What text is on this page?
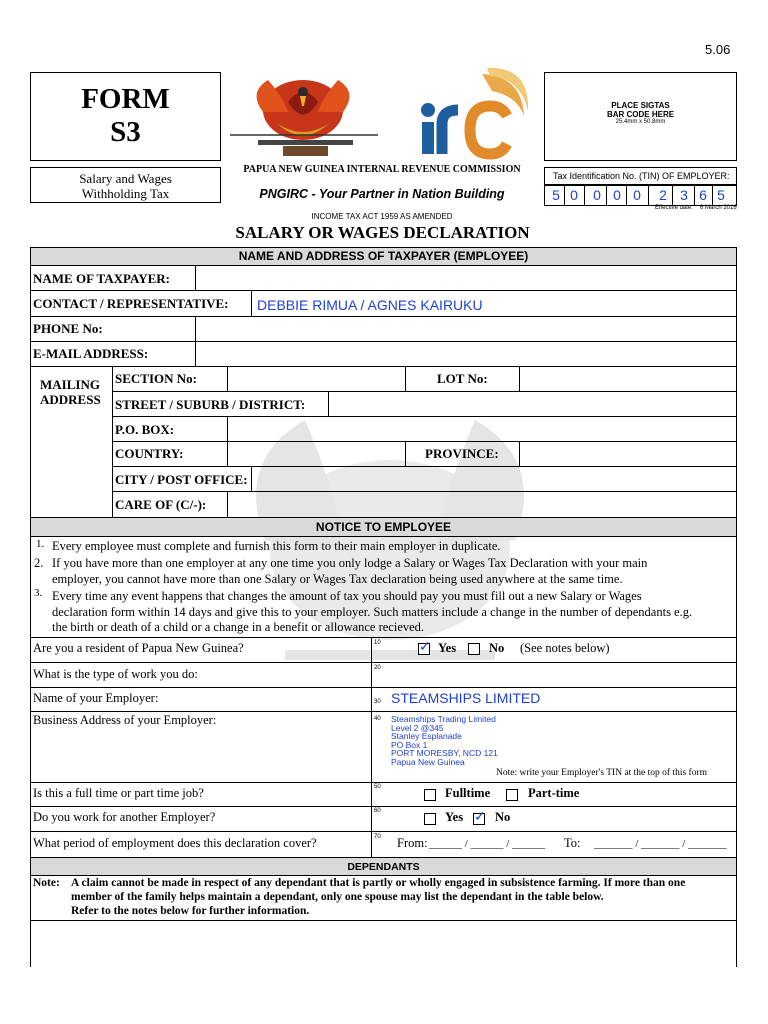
5.06
FORM
S3
Salary and Wages
Withholding Tax
PAPUA NEW GUINEA INTERNAL REVENUE COMMISSION
PNGIRC - Your Partner in Nation Building
INCOME TAX ACT 1959 AS AMENDED
SALARY OR WAGES DECLARATION
PLACE SIGTAS
BAR CODE HERE
25.4mm x 50.8mm
Tax Identification No. (TIN) OF EMPLOYER:
5 0 0 0 0 2 3 6 5
Effective date: 6 March 2016
NAME AND ADDRESS OF TAXPAYER (EMPLOYEE)
NAME OF TAXPAYER:
CONTACT / REPRESENTATIVE: DEBBIE RIMUA / AGNES KAIRUKU
PHONE No:
E-MAIL ADDRESS:
MAILING
ADDRESS
SECTION No:	LOT No:
STREET / SUBURB / DISTRICT:
P.O. BOX:
COUNTRY:	PROVINCE:
CITY / POST OFFICE:
CARE OF (C/-):
NOTICE TO EMPLOYEE
1. Every employee must complete and furnish this form to their main employer in duplicate.
2. If you have more than one employer at any one time you only lodge a Salary or Wages Tax Declaration with your main
employer, you cannot have more than one Salary or Wages Tax declaration being used anywhere at the same time.
3. Every time any event happens that changes the amount of tax you should pay you must fill out a new Salary or Wages
declaration form within 14 days and give this to your employer. Such matters include a change in the number of dependants e.g.
the birth or death of a child or a change in a benefit or allowance recieved.
Are you a resident of Papua New Guinea?	10	✓ Yes	No (See notes below)
What is the type of work you do:	20
Name of your Employer:	30 STEAMSHIPS LIMITED
Business Address of your Employer:	40 Steamships Trading Limited
Level 2 @345
Stanley Esplanade
PO Box 1
PORT MORESBY, NCD 121
Papua New Guinea
Note: write your Employer's TIN at the top of this form
Is this a full time or part time job?	50	Fulltime	Part-time
Do you work for another Employer?	60	Yes ✓ No
What period of employment does this declaration cover?	70 From: ______ / ______ / ______ To: _______ / _______ / _______
DEPENDANTS
Note: A claim cannot be made in respect of any dependant that is partly or wholly engaged in subsistence farming. If more than one
member of the family helps maintain a dependant, only one spouse may list the dependant in the table below.
Refer to the notes below for further information.
